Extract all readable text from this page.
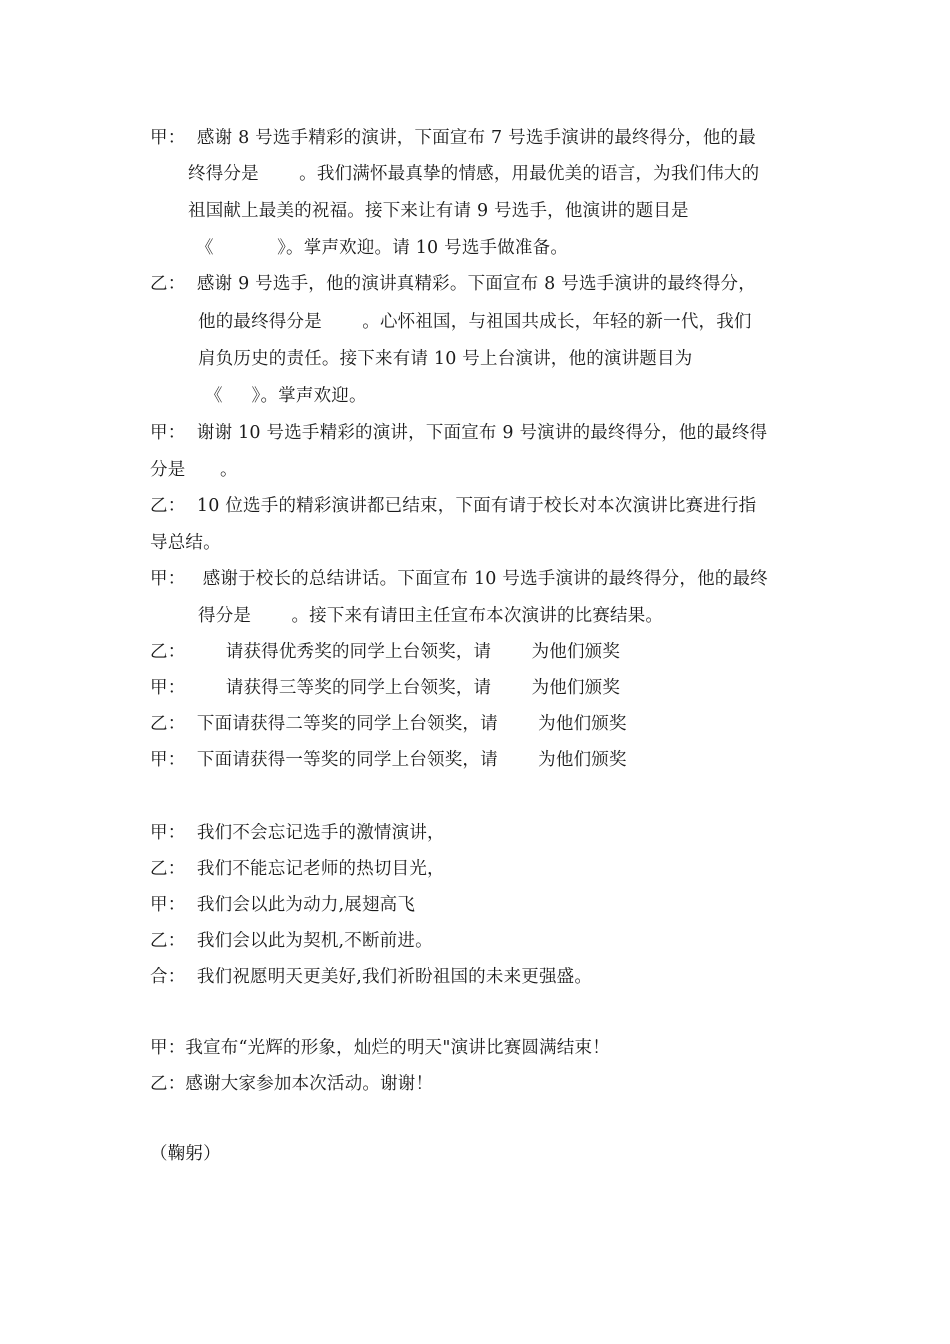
甲：  感谢 8 号选手精彩的演讲，下面宣布 7 号选手演讲的最终得分，他的最
终得分是       。我们满怀最真挚的情感，用最优美的语言，为我们伟大的
祖国献上最美的祝福。接下来让有请 9 号选手，他演讲的题目是
《           》。掌声欢迎。请 10 号选手做准备。
乙：  感谢 9 号选手，他的演讲真精彩。下面宣布 8 号选手演讲的最终得分，
他的最终得分是       。心怀祖国，与祖国共成长，年轻的新一代，我们
肩负历史的责任。接下来有请 10 号上台演讲，他的演讲题目为
《     》。掌声欢迎。
甲：  谢谢 10 号选手精彩的演讲，下面宣布 9 号演讲的最终得分，他的最终得
分是      。
乙：  10 位选手的精彩演讲都已结束，下面有请于校长对本次演讲比赛进行指
导总结。
甲：   感谢于校长的总结讲话。下面宣布 10 号选手演讲的最终得分，他的最终
得分是       。接下来有请田主任宣布本次演讲的比赛结果。
乙：       请获得优秀奖的同学上台领奖，请       为他们颁奖
甲：       请获得三等奖的同学上台领奖，请       为他们颁奖
乙：  下面请获得二等奖的同学上台领奖，请       为他们颁奖
甲：  下面请获得一等奖的同学上台领奖，请       为他们颁奖
甲：  我们不会忘记选手的激情演讲，
乙：  我们不能忘记老师的热切目光，
甲：  我们会以此为动力,展翅高飞
乙：  我们会以此为契机,不断前进。
合：  我们祝愿明天更美好,我们祈盼祖国的未来更强盛。
甲：我宣布“光辉的形象，灿烂的明天"演讲比赛圆满结束！
乙：感谢大家参加本次活动。谢谢！
（鞠躬）
